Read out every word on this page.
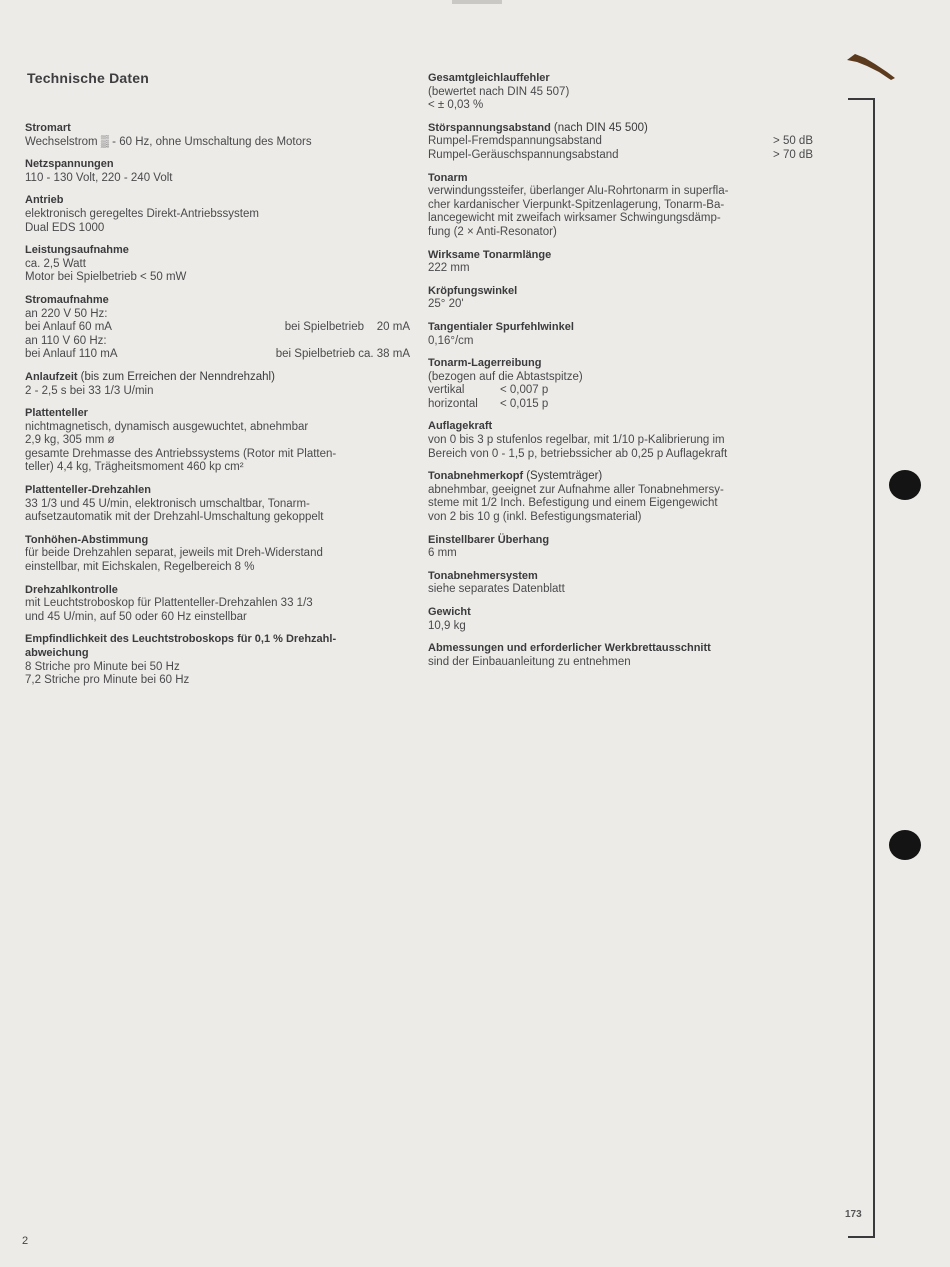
Technische Daten
Stromart
Wechselstrom ▒ - 60 Hz, ohne Umschaltung des Motors
Netzspannungen
110 - 130 Volt, 220 - 240 Volt
Antrieb
elektronisch geregeltes Direkt-Antriebssystem
Dual EDS 1000
Leistungsaufnahme
ca. 2,5 Watt
Motor bei Spielbetrieb < 50 mW
Stromaufnahme
an 220 V 50 Hz:
bei Anlauf 60 mA	bei Spielbetrieb    20 mA
an 110 V 60 Hz:
bei Anlauf 110 mA	bei Spielbetrieb ca. 38 mA
Anlaufzeit (bis zum Erreichen der Nenndrehzahl)
2 - 2,5 s bei 33 1/3 U/min
Plattenteller
nichtmagnetisch, dynamisch ausgewuchtet, abnehmbar
2,9 kg, 305 mm ø
gesamte Drehmasse des Antriebssystems (Rotor mit Platten-
teller) 4,4 kg, Trägheitsmoment 460 kp cm²
Plattenteller-Drehzahlen
33 1/3 und 45 U/min, elektronisch umschaltbar, Tonarm-
aufsetzautomatik mit der Drehzahl-Umschaltung gekoppelt
Tonhöhen-Abstimmung
für beide Drehzahlen separat, jeweils mit Dreh-Widerstand
einstellbar, mit Eichskalen, Regelbereich 8 %
Drehzahlkontrolle
mit Leuchtstroboskop für Plattenteller-Drehzahlen 33 1/3
und 45 U/min, auf 50 oder 60 Hz einstellbar
Empfindlichkeit des Leuchtstroboskops für 0,1 % Drehzahl-
abweichung
8 Striche pro Minute bei 50 Hz
7,2 Striche pro Minute bei 60 Hz
Gesamtgleichlauffehler
(bewertet nach DIN 45 507)
< ± 0,03 %
Störspannungsabstand (nach DIN 45 500)
Rumpel-Fremdspannungsabstand	> 50 dB
Rumpel-Geräuschspannungsabstand	> 70 dB
Tonarm
verwindungssteifer, überlanger Alu-Rohrtonarm in superfla-
cher kardanischer Vierpunkt-Spitzenlagerung, Tonarm-Ba-
lancegewicht mit zweifach wirksamer Schwingungsdämp-
fung (2 × Anti-Resonator)
Wirksame Tonarmlänge
222 mm
Kröpfungswinkel
25° 20'
Tangentialer Spurfehlwinkel
0,16°/cm
Tonarm-Lagerreibung
(bezogen auf die Abtastspitze)
vertikal	< 0,007 p
horizontal	< 0,015 p
Auflagekraft
von 0 bis 3 p stufenlos regelbar, mit 1/10 p-Kalibrierung im
Bereich von 0 - 1,5 p, betriebssicher ab 0,25 p Auflagekraft
Tonabnehmerkopf (Systemträger)
abnehmbar, geeignet zur Aufnahme aller Tonabnehmersy-
steme mit 1/2 Inch. Befestigung und einem Eigengewicht
von 2 bis 10 g (inkl. Befestigungsmaterial)
Einstellbarer Überhang
6 mm
Tonabnehmersystem
siehe separates Datenblatt
Gewicht
10,9 kg
Abmessungen und erforderlicher Werkbrettausschnitt
sind der Einbauanleitung zu entnehmen
173
2
